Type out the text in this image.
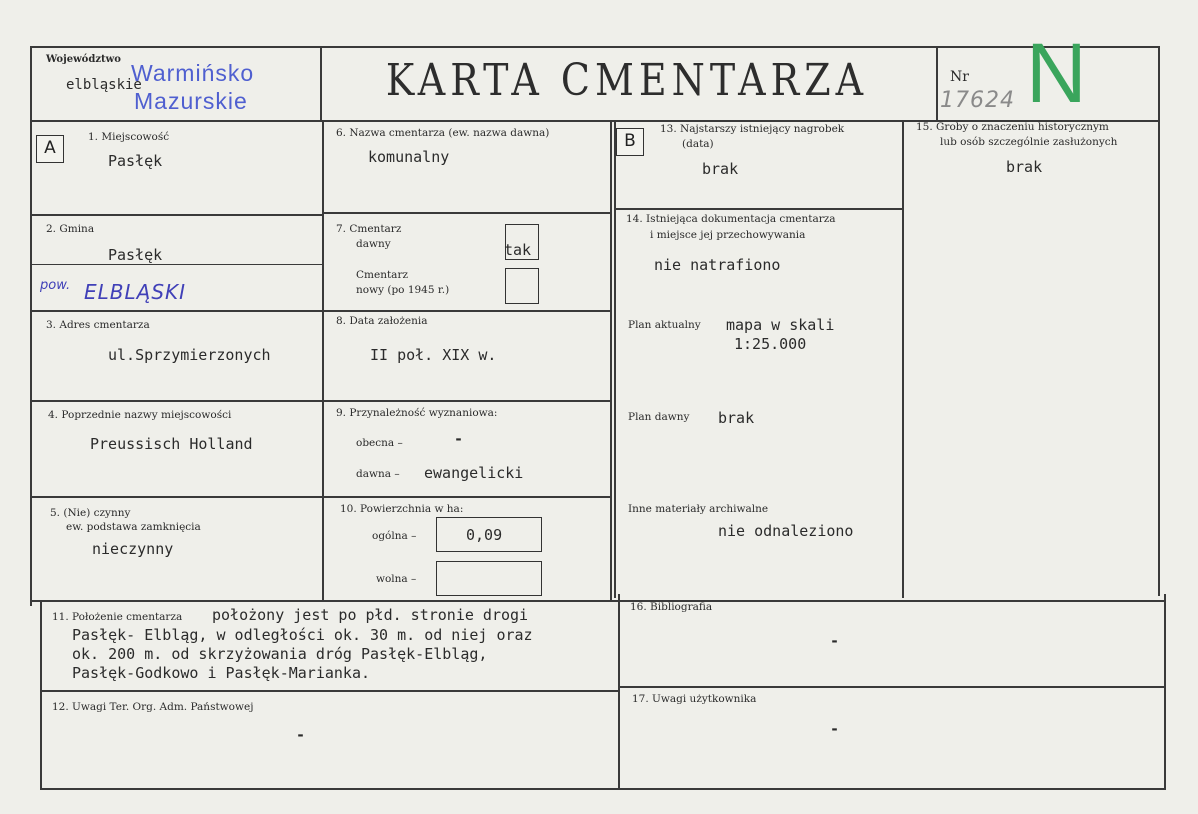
Województwo
elbląskie
Warmińsko
Mazurskie	KARTA CMENTARZA	Nr
17624 N
A
1. Miejscowość
Pasłęk
2. Gmina
Pasłęk
pow. ELBLĄSKI
3. Adres cmentarza
ul.Sprzymierzonych
4. Poprzednie nazwy miejscowości
Preussisch Holland
5. (Nie) czynny
ew. podstawa zamknięcia
nieczynny
6. Nazwa cmentarza (ew. nazwa dawna)
komunalny
7. Cmentarz
dawny	tak
Cmentarz
nowy (po 1945 r.)
8. Data założenia
II poł. XIX w.
9. Przynależność wyznaniowa:
obecna –	-
dawna – ewangelicki
10. Powierzchnia w ha:
ogólna –	0,09
wolna –
B
13. Najstarszy istniejący nagrobek
(data)
brak
14. Istniejąca dokumentacja cmentarza
i miejsce jej przechowywania
nie natrafiono
Plan aktualny mapa w skali
1:25.000
Plan dawny brak
Inne materiały archiwalne
nie odnaleziono
15. Groby o znaczeniu historycznym
lub osób szczególnie zasłużonych
brak
11. Położenie cmentarza położony jest po płd. stronie drogi
Pasłęk- Elbląg, w odległości ok. 30 m. od niej oraz
ok. 200 m. od skrzyżowania dróg Pasłęk-Elbląg,
Pasłęk-Godkowo i Pasłęk-Marianka.
12. Uwagi Ter. Org. Adm. Państwowej
-
16. Bibliografia
-
17. Uwagi użytkownika
-
